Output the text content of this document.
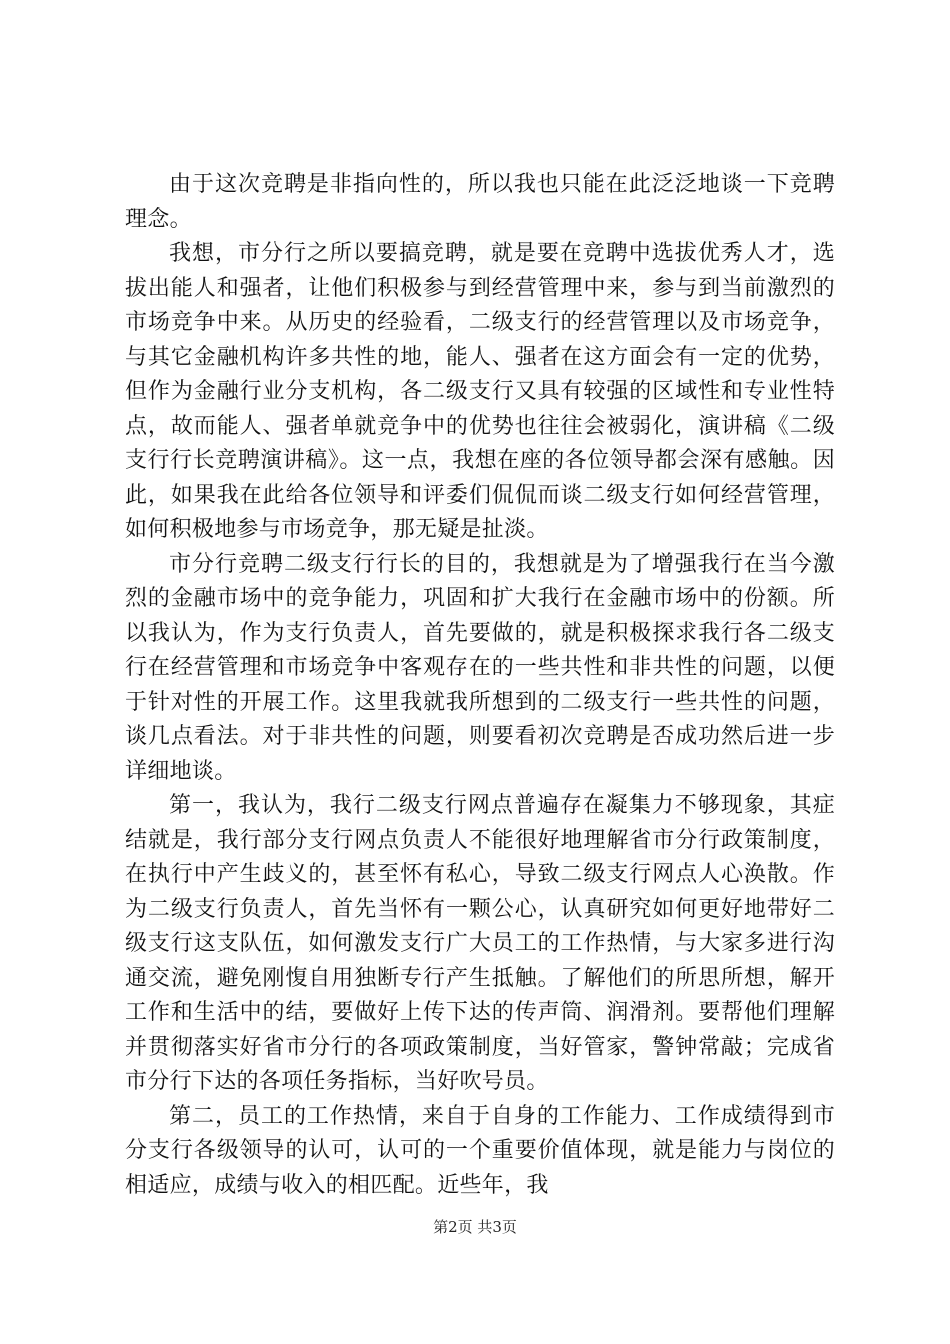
由于这次竞聘是非指向性的，所以我也只能在此泛泛地谈一下竞聘理念。

我想，市分行之所以要搞竞聘，就是要在竞聘中选拔优秀人才，选拔出能人和强者，让他们积极参与到经营管理中来，参与到当前激烈的市场竞争中来。从历史的经验看，二级支行的经营管理以及市场竞争，与其它金融机构许多共性的地，能人、强者在这方面会有一定的优势，但作为金融行业分支机构，各二级支行又具有较强的区域性和专业性特点，故而能人、强者单就竞争中的优势也往往会被弱化，演讲稿《二级支行行长竞聘演讲稿》。这一点，我想在座的各位领导都会深有感触。因此，如果我在此给各位领导和评委们侃侃而谈二级支行如何经营管理，如何积极地参与市场竞争，那无疑是扯淡。

市分行竞聘二级支行行长的目的，我想就是为了增强我行在当今激烈的金融市场中的竞争能力，巩固和扩大我行在金融市场中的份额。所以我认为，作为支行负责人，首先要做的，就是积极探求我行各二级支行在经营管理和市场竞争中客观存在的一些共性和非共性的问题，以便于针对性的开展工作。这里我就我所想到的二级支行一些共性的问题，谈几点看法。对于非共性的问题，则要看初次竞聘是否成功然后进一步详细地谈。

第一，我认为，我行二级支行网点普遍存在凝集力不够现象，其症结就是，我行部分支行网点负责人不能很好地理解省市分行政策制度，在执行中产生歧义的，甚至怀有私心，导致二级支行网点人心涣散。作为二级支行负责人，首先当怀有一颗公心，认真研究如何更好地带好二级支行这支队伍，如何激发支行广大员工的工作热情，与大家多进行沟通交流，避免刚愎自用独断专行产生抵触。了解他们的所思所想，解开工作和生活中的结，要做好上传下达的传声筒、润滑剂。要帮他们理解并贯彻落实好省市分行的各项政策制度，当好管家，警钟常敲；完成省市分行下达的各项任务指标，当好吹号员。

第二，员工的工作热情，来自于自身的工作能力、工作成绩得到市分支行各级领导的认可，认可的一个重要价值体现，就是能力与岗位的相适应，成绩与收入的相匹配。近些年，我

第2页 共3页
